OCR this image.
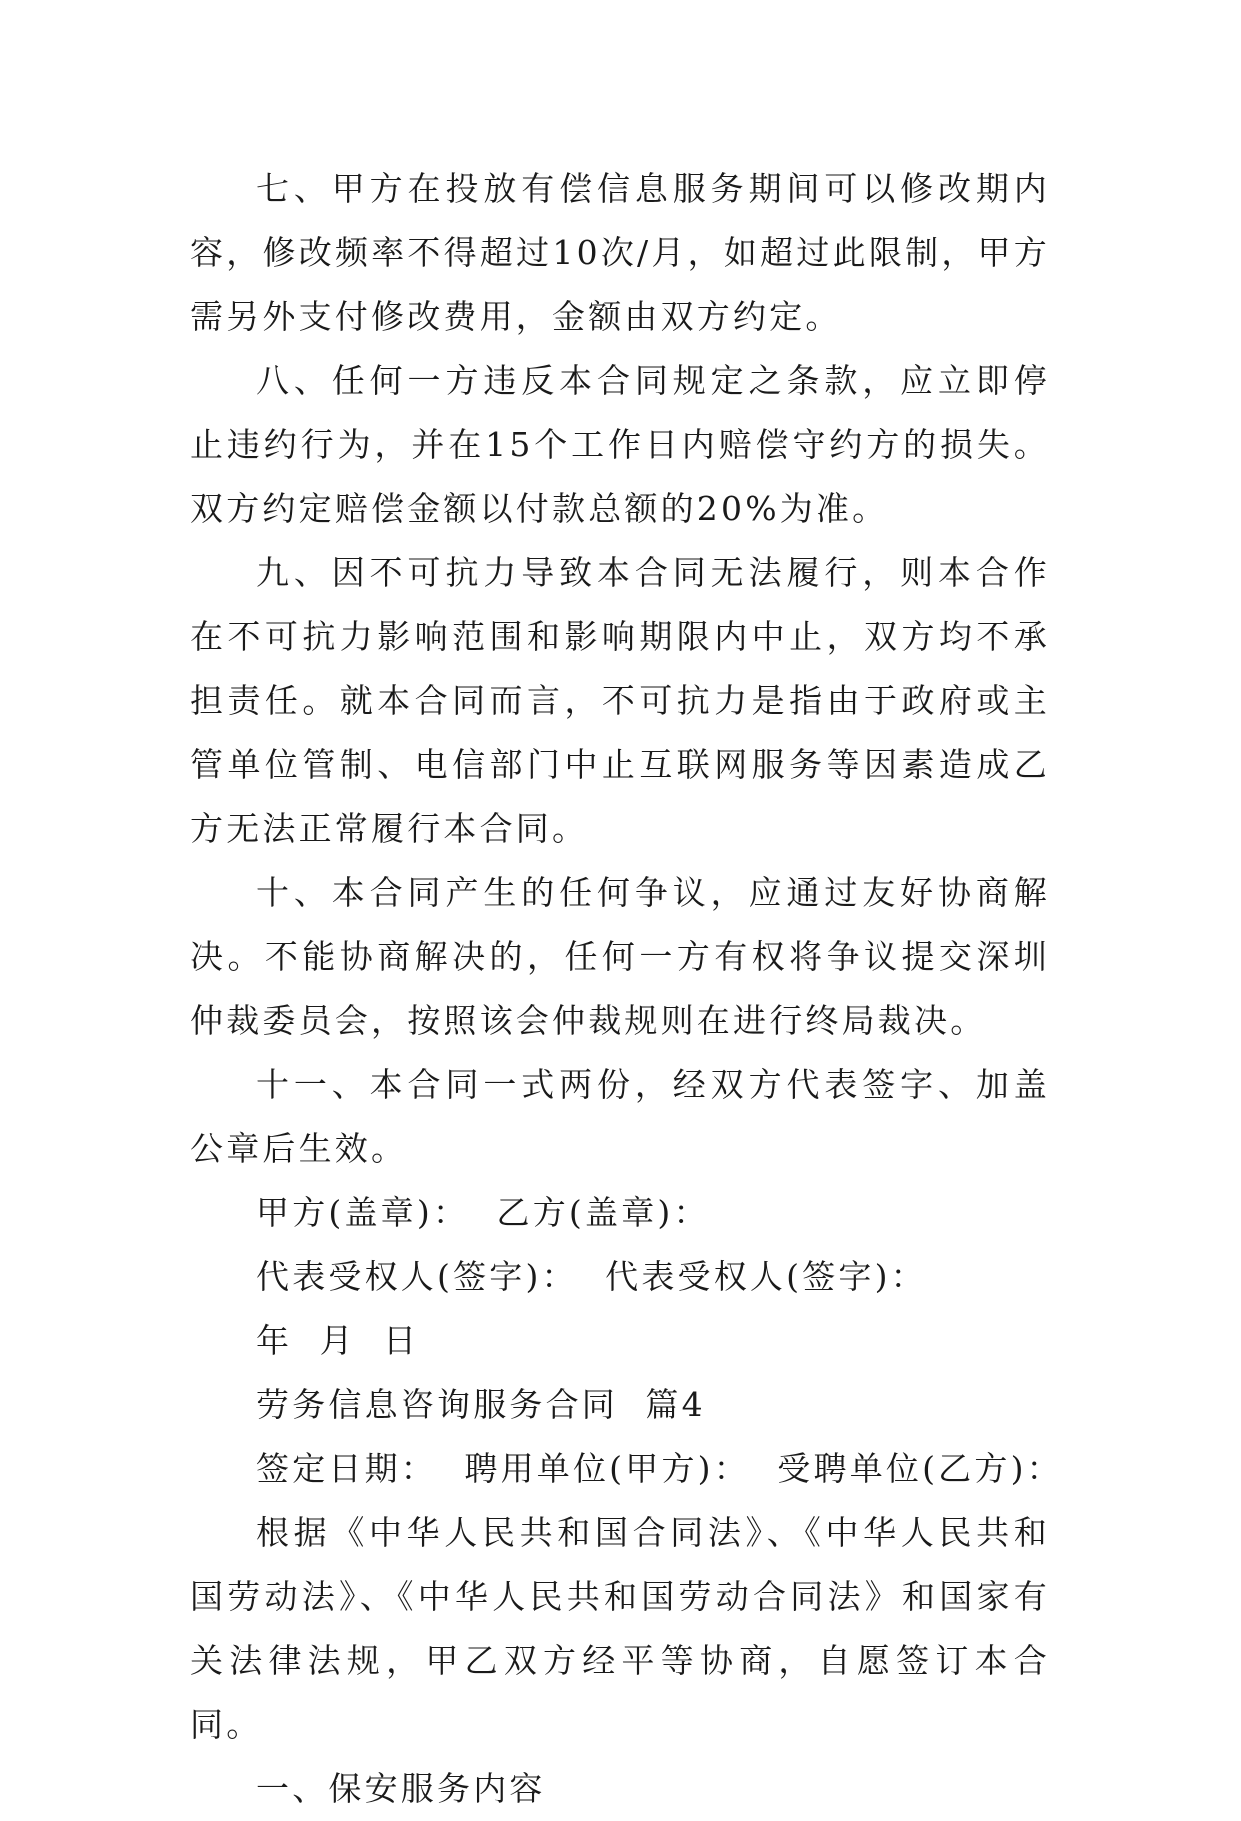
七、甲方在投放有偿信息服务期间可以修改期内容，修改频率不得超过10次/月，如超过此限制，甲方需另外支付修改费用，金额由双方约定。

八、任何一方违反本合同规定之条款，应立即停止违约行为，并在15个工作日内赔偿守约方的损失。双方约定赔偿金额以付款总额的20%为准。

九、因不可抗力导致本合同无法履行，则本合作在不可抗力影响范围和影响期限内中止，双方均不承担责任。就本合同而言，不可抗力是指由于政府或主管单位管制、电信部门中止互联网服务等因素造成乙方无法正常履行本合同。

十、本合同产生的任何争议，应通过友好协商解决。不能协商解决的，任何一方有权将争议提交深圳仲裁委员会，按照该会仲裁规则在进行终局裁决。

十一、本合同一式两份，经双方代表签字、加盖公章后生效。

甲方(盖章)：  乙方(盖章)：

代表受权人(签字)：  代表受权人(签字)：

年  月  日

劳务信息咨询服务合同  篇4

签定日期：  聘用单位(甲方)：  受聘单位(乙方)：

根据《中华人民共和国合同法》、《中华人民共和国劳动法》、《中华人民共和国劳动合同法》和国家有关法律法规，甲乙双方经平等协商，自愿签订本合同。

一、保安服务内容
